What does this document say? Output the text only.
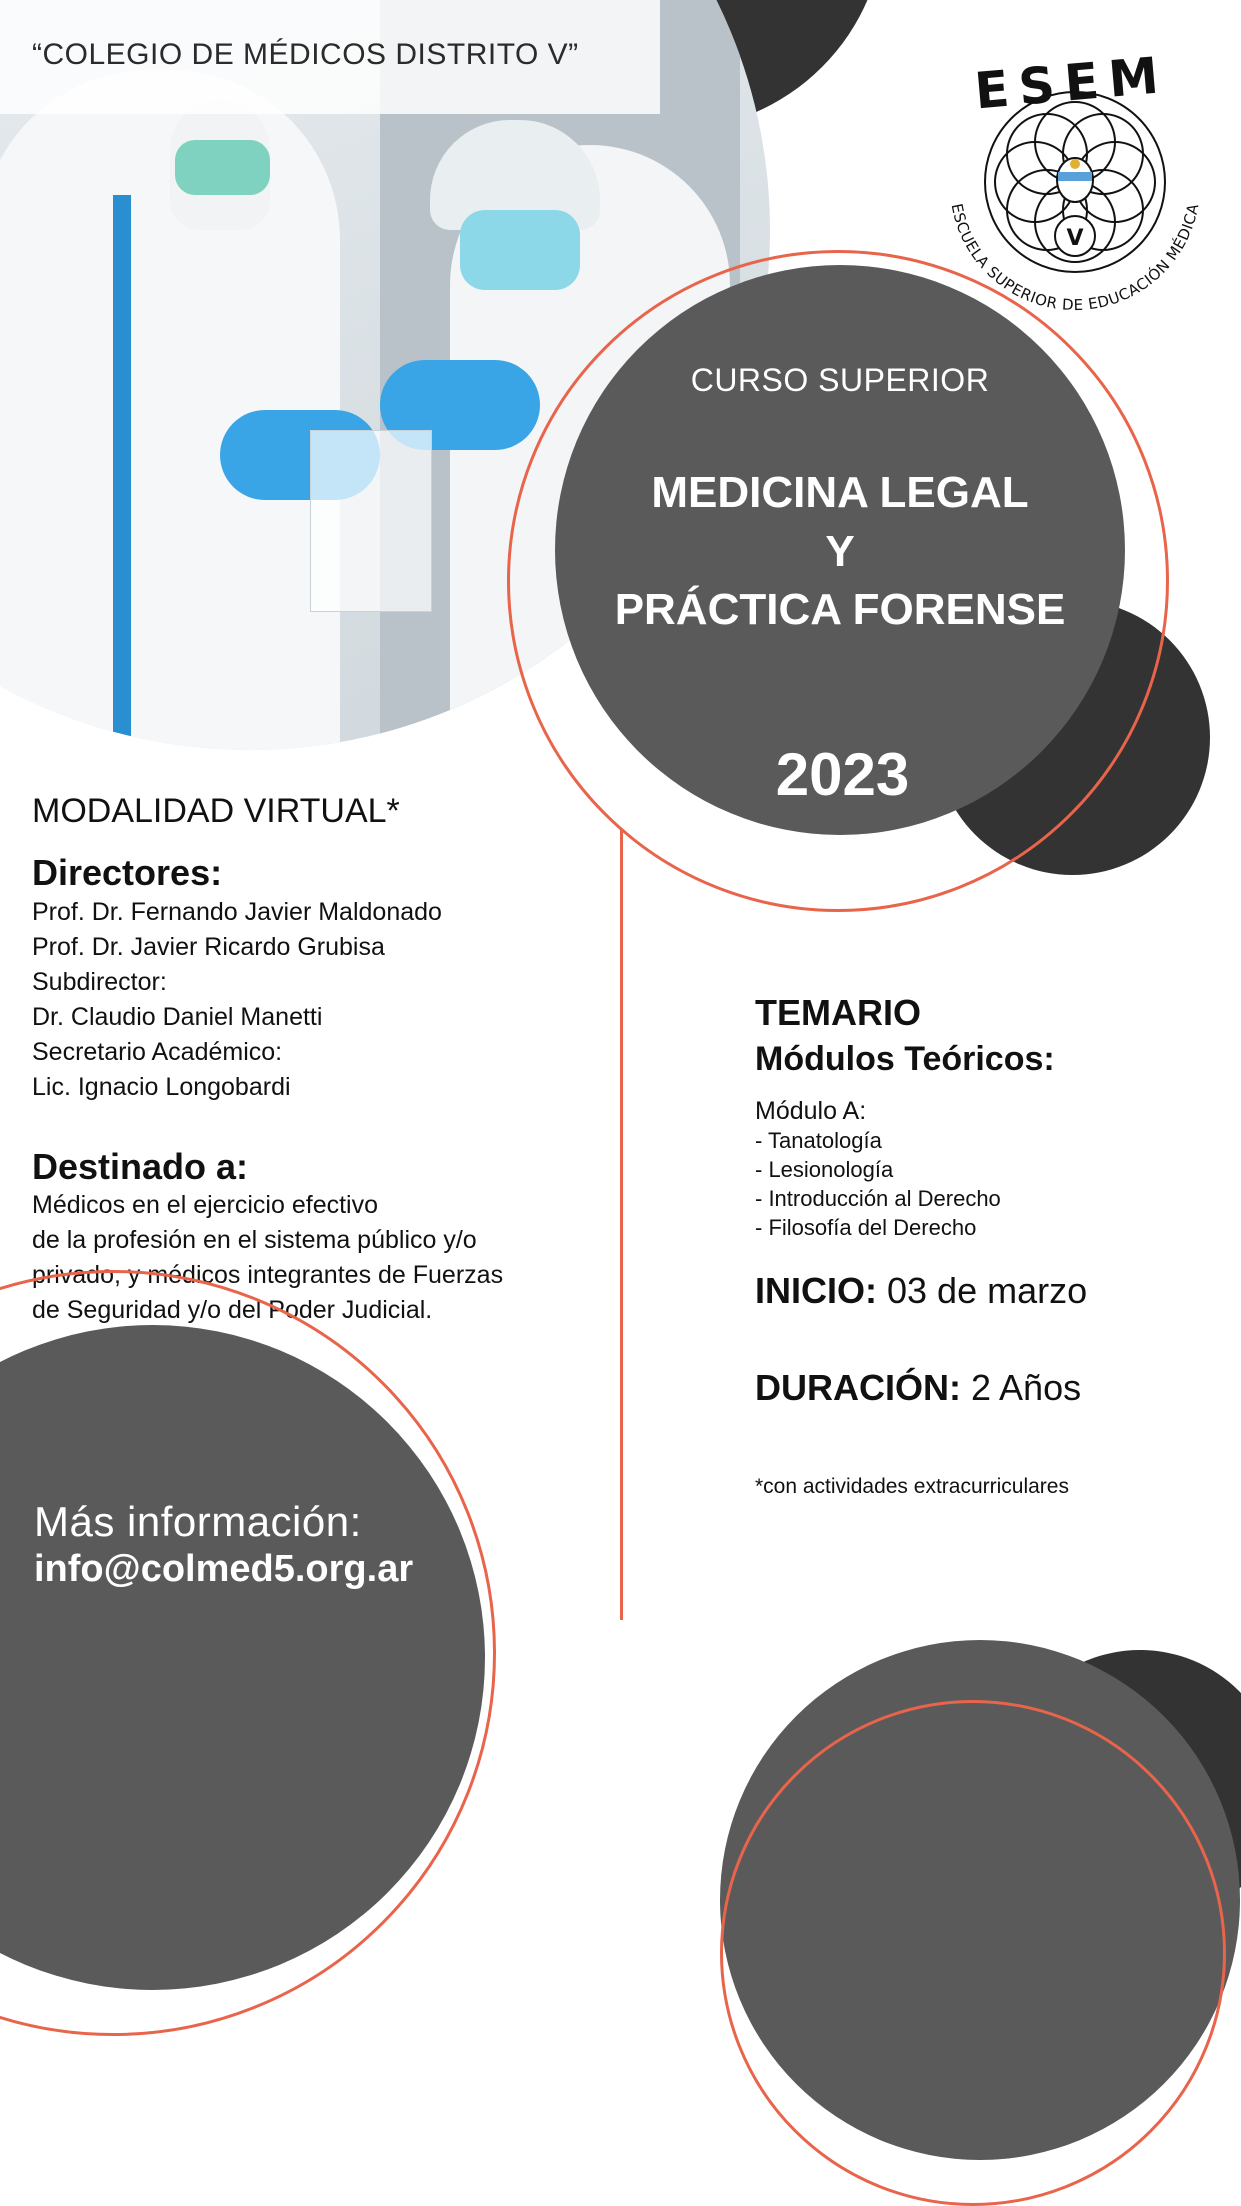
“COLEGIO DE MÉDICOS DISTRITO V”	ESEM
V
ESCUELA SUPERIOR DE EDUCACIÓN MÉDICA
CURSO SUPERIOR
MEDICINA LEGAL
Y
PRÁCTICA FORENSE
2023
MODALIDAD VIRTUAL*
Directores:
Prof. Dr. Fernando Javier Maldonado
Prof. Dr. Javier Ricardo Grubisa
Subdirector:
Dr. Claudio Daniel Manetti
Secretario Académico:
Lic. Ignacio Longobardi
Destinado a:
Médicos en el ejercicio efectivo
de la profesión en el sistema público y/o
privado, y médicos integrantes de Fuerzas
de Seguridad y/o del Poder Judicial.
Más información:
info@colmed5.org.ar
TEMARIO
Módulos Teóricos:
Módulo A:
- Tanatología
- Lesionología
- Introducción al Derecho
- Filosofía del Derecho
INICIO: 03 de marzo
DURACIÓN: 2 Años
*con actividades extracurriculares
